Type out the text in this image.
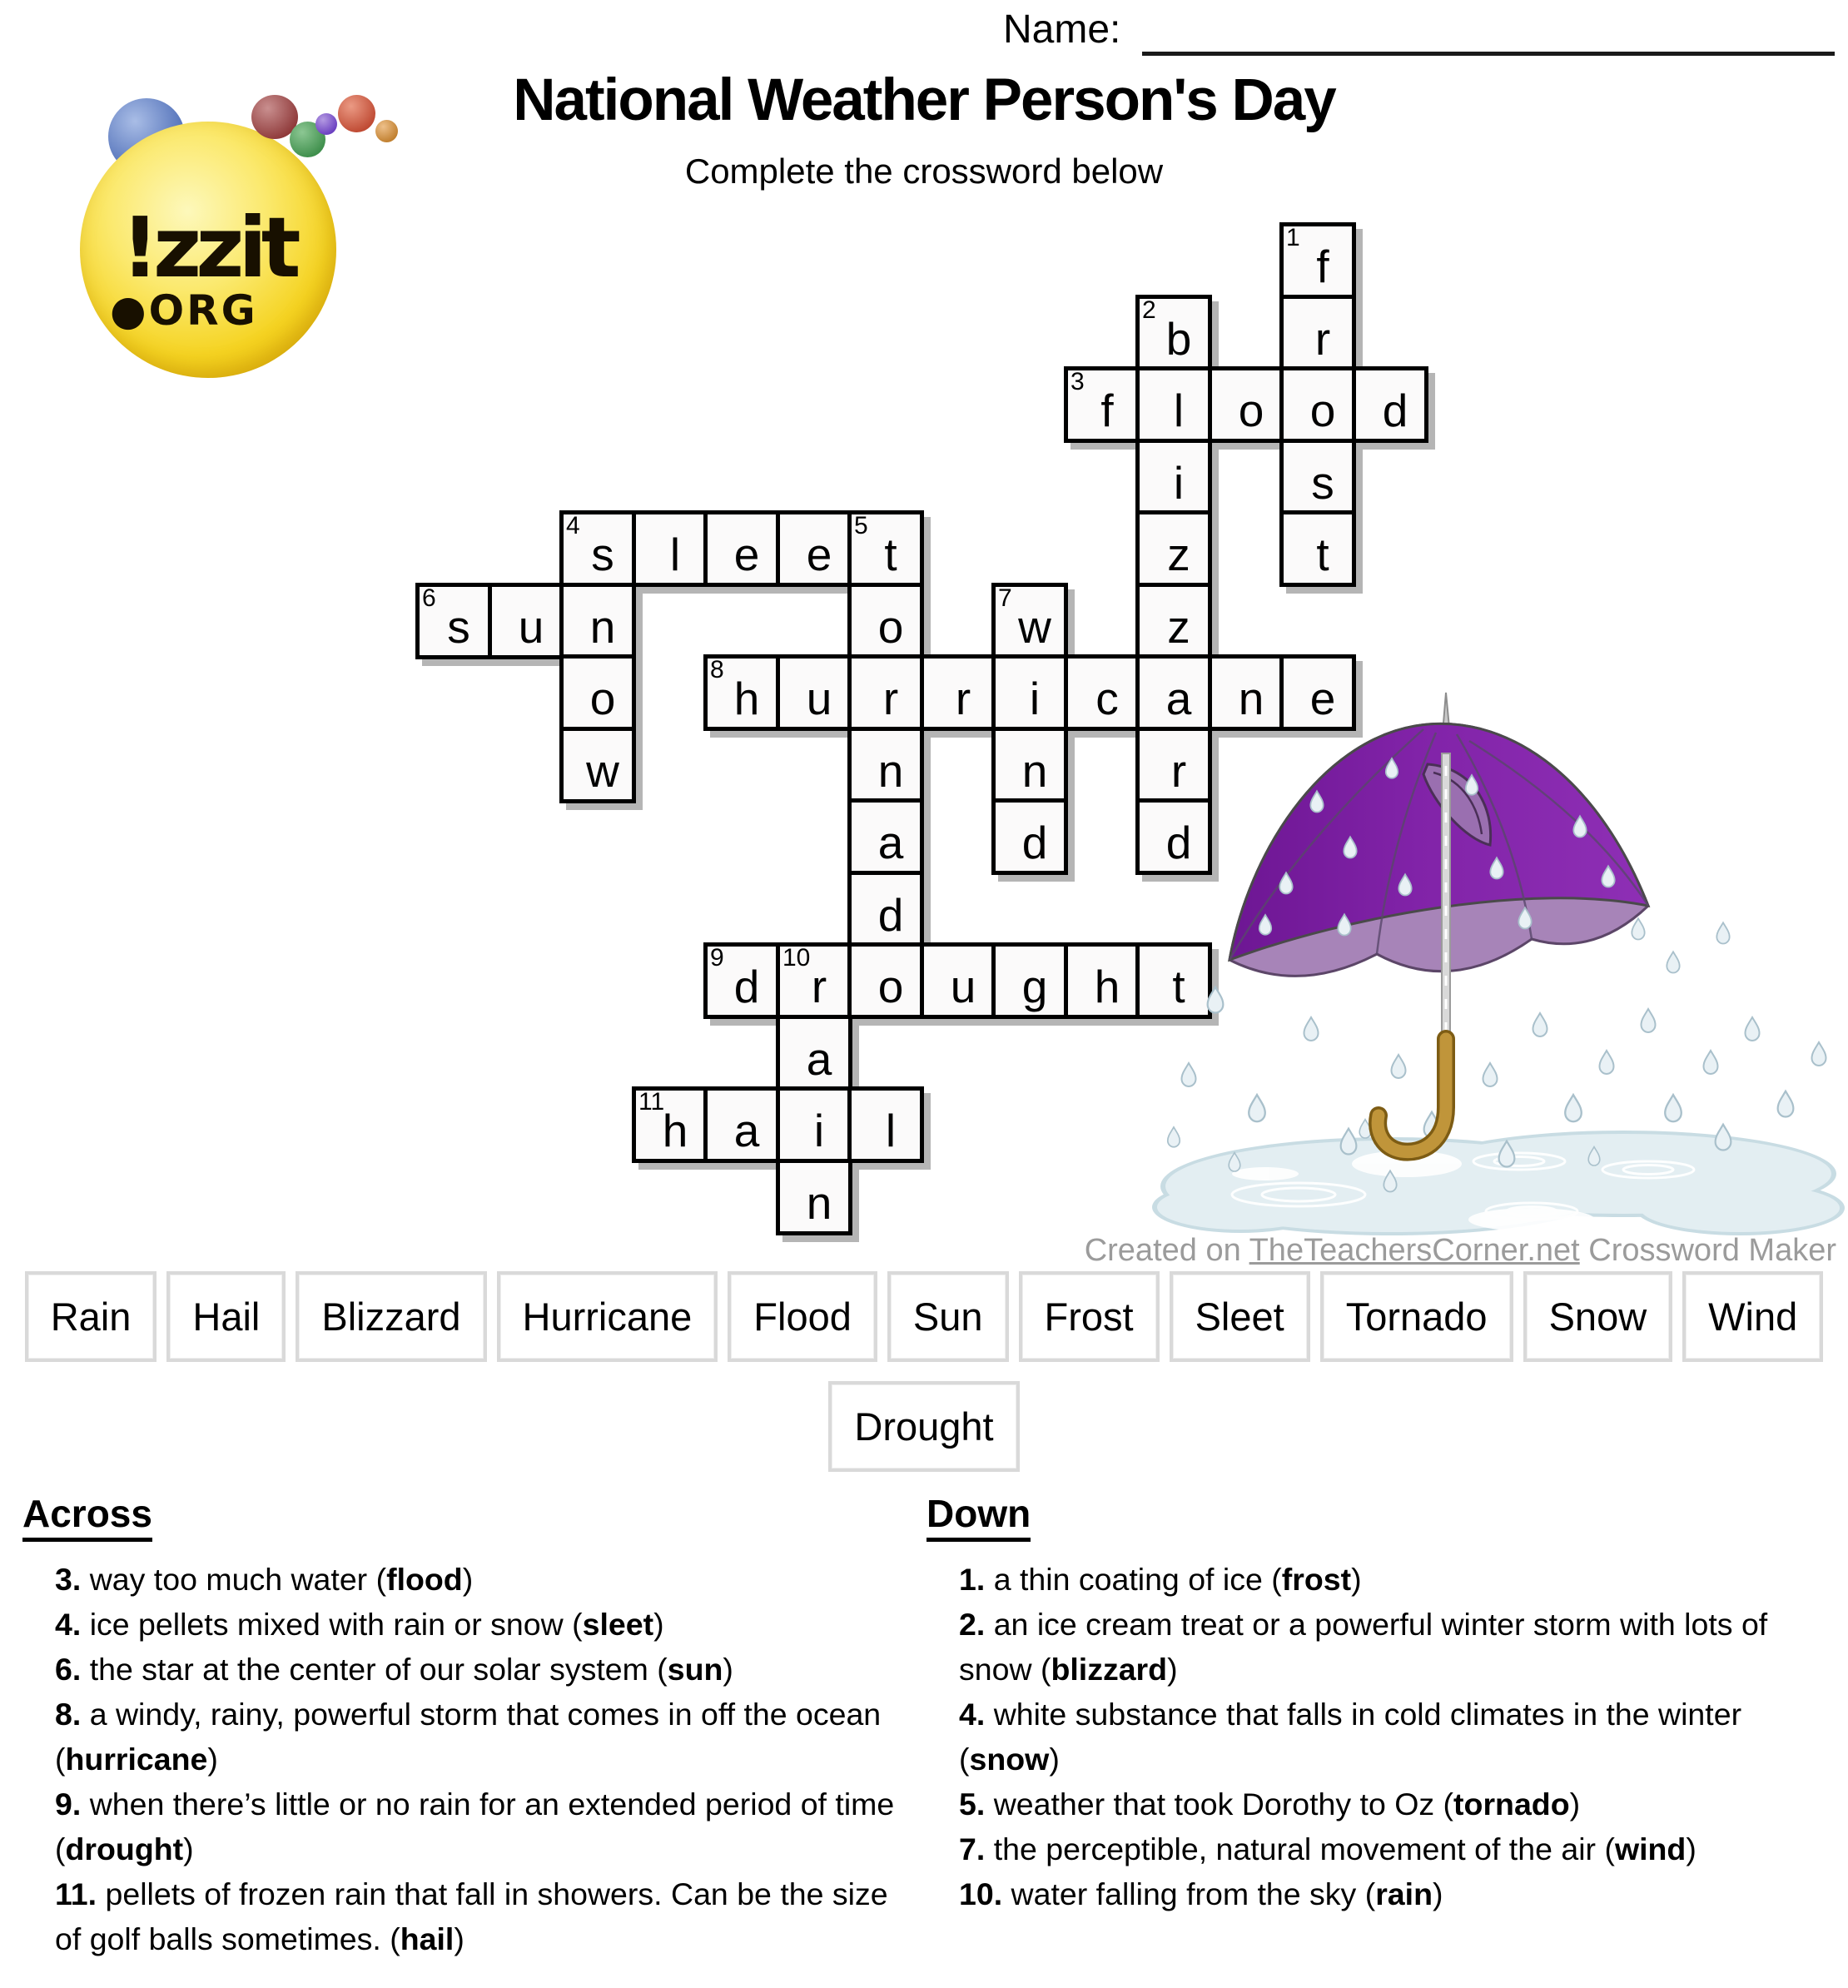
Name:
National Weather Person's Day
Complete the crossword below
!zzit
●ORG
1
f
2
b	r
3
f	l	o	o	d
i	s
4
s	l	e	e
5
t	z	t
6
s	u	n	o
7
w	z
o
8
h	u	r	r	i	c	a	n	e
w	n	n	r
a	d	d
d
9
d
10
r	o	u	g	h	t
a
11
h	a	i	l
n
Created on TheTeachersCorner.net Crossword Maker
Rain	Hail	Blizzard	Hurricane	Flood	Sun	Frost	Sleet	Tornado	Snow	Wind
Drought
Across
3. way too much water (flood)
4. ice pellets mixed with rain or snow (sleet)
6. the star at the center of our solar system (sun)
8. a windy, rainy, powerful storm that comes in off the ocean (hurricane)
9. when there’s little or no rain for an extended period of time (drought)
11. pellets of frozen rain that fall in showers. Can be the size of golf balls sometimes. (hail)
Down
1. a thin coating of ice (frost)
2. an ice cream treat or a powerful winter storm with lots of snow (blizzard)
4. white substance that falls in cold climates in the winter (snow)
5. weather that took Dorothy to Oz (tornado)
7. the perceptible, natural movement of the air (wind)
10. water falling from the sky (rain)
